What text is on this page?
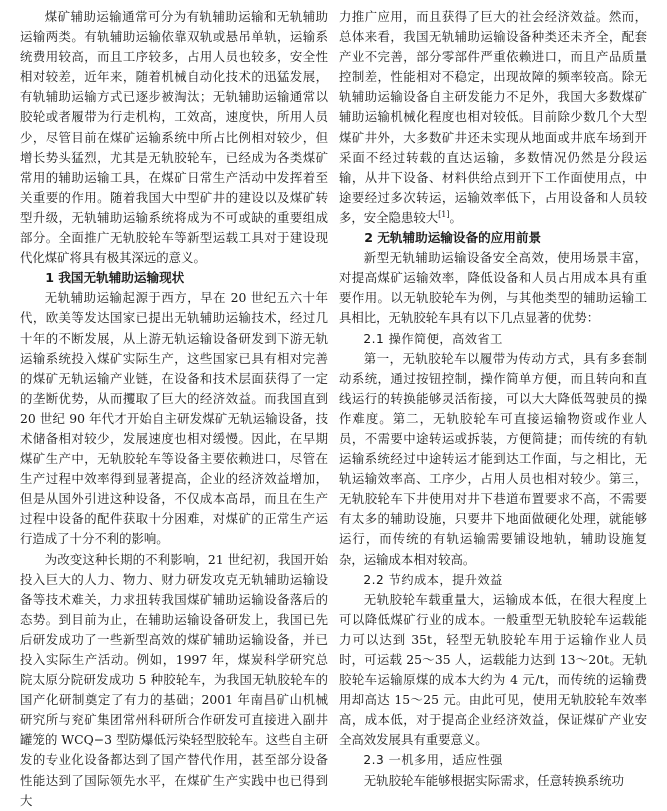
煤矿辅助运输通常可分为有轨辅助运输和无轨辅助运输两类。有轨辅助运输依靠双轨或悬吊单轨，运输系统费用较高，而且工序较多，占用人员也较多，安全性相对较差，近年来，随着机械自动化技术的迅猛发展，有轨辅助运输方式已逐步被淘汰；无轨辅助运输通常以胶轮或者履带为行走机构，工效高，速度快，所用人员少，尽管目前在煤矿运输系统中所占比例相对较少，但增长势头猛烈，尤其是无轨胶轮车，已经成为各类煤矿常用的辅助运输工具，在煤矿日常生产活动中发挥着至关重要的作用。随着我国大中型矿井的建设以及煤矿转型升级，无轨辅助运输系统将成为不可或缺的重要组成部分。全面推广无轨胶轮车等新型运载工具对于建设现代化煤矿将具有极其深远的意义。

1 我国无轨辅助运输现状

无轨辅助运输起源于西方，早在 20 世纪五六十年代，欧美等发达国家已提出无轨辅助运输技术，经过几十年的不断发展，从上游无轨运输设备研发到下游无轨运输系统投入煤矿实际生产，这些国家已具有相对完善的煤矿无轨运输产业链，在设备和技术层面获得了一定的垄断优势，从而攫取了巨大的经济效益。而我国直到 20 世纪 90 年代才开始自主研发煤矿无轨运输设备，技术储备相对较少，发展速度也相对缓慢。因此，在早期煤矿生产中，无轨胶轮车等设备主要依赖进口，尽管在生产过程中效率得到显著提高，企业的经济效益增加，但是从国外引进这种设备，不仅成本高昂，而且在生产过程中设备的配件获取十分困难，对煤矿的正常生产运行造成了十分不利的影响。

为改变这种长期的不利影响，21 世纪初，我国开始投入巨大的人力、物力、财力研发攻克无轨辅助运输设备等技术难关，力求扭转我国煤矿辅助运输设备落后的态势。到目前为止，在辅助运输设备研发上，我国已先后研发成功了一些新型高效的煤矿辅助运输设备，并已投入实际生产活动。例如，1997 年，煤炭科学研究总院太原分院研发成功 5 种胶轮车，为我国无轨胶轮车的国产化研制奠定了有力的基础；2001 年南昌矿山机械研究所与兖矿集团常州科研所合作研发可直接进入副井罐笼的 WCQ−3 型防爆低污染轻型胶轮车。这些自主研发的专业化设备都达到了国产替代作用，甚至部分设备性能达到了国际领先水平，在煤矿生产实践中也已得到大

力推广应用，而且获得了巨大的社会经济效益。然而，总体来看，我国无轨辅助运输设备种类还未齐全，配套产业不完善，部分零部件严重依赖进口，而且产品质量控制差，性能相对不稳定，出现故障的频率较高。除无轨辅助运输设备自主研发能力不足外，我国大多数煤矿辅助运输机械化程度也相对较低。目前除少数几个大型煤矿井外，大多数矿井还未实现从地面或井底车场到开采面不经过转载的直达运输，多数情况仍然是分段运输，从井下设备、材料供给点到开下工作面使用点，中途要经过多次转运，运输效率低下，占用设备和人员较多，安全隐患较大[1]。

2 无轨辅助运输设备的应用前景

新型无轨辅助运输设备安全高效，使用场景丰富，对提高煤矿运输效率，降低设备和人员占用成本具有重要作用。以无轨胶轮车为例，与其他类型的辅助运输工具相比，无轨胶轮车具有以下几点显著的优势：

2.1 操作简便，高效省工

第一，无轨胶轮车以履带为传动方式，具有多套制动系统，通过按钮控制，操作简单方便，而且转向和直线运行的转换能够灵活衔接，可以大大降低驾驶员的操作难度。第二，无轨胶轮车可直接运输物资或作业人员，不需要中途转运或拆装，方便简捷；而传统的有轨运输系统经过中途转运才能到达工作面，与之相比，无轨运输效率高、工序少，占用人员也相对较少。第三，无轨胶轮车下井使用对井下巷道布置要求不高，不需要有太多的辅助设施，只要井下地面做硬化处理，就能够运行，而传统的有轨运输需要铺设地轨，辅助设施复杂，运输成本相对较高。

2.2 节约成本，提升效益

无轨胶轮车载重量大，运输成本低，在很大程度上可以降低煤矿行业的成本。一般重型无轨胶轮车运载能力可以达到 35t，轻型无轨胶轮车用于运输作业人员时，可运载 25～35 人，运载能力达到 13～20t。无轨胶轮车运输原煤的成本大约为 4 元/t，而传统的运输费用却高达 15～25 元。由此可见，使用无轨胶轮车效率高，成本低，对于提高企业经济效益，保证煤矿产业安全高效发展具有重要意义。

2.3 一机多用，适应性强

无轨胶轮车能够根据实际需求，任意转换系统功
